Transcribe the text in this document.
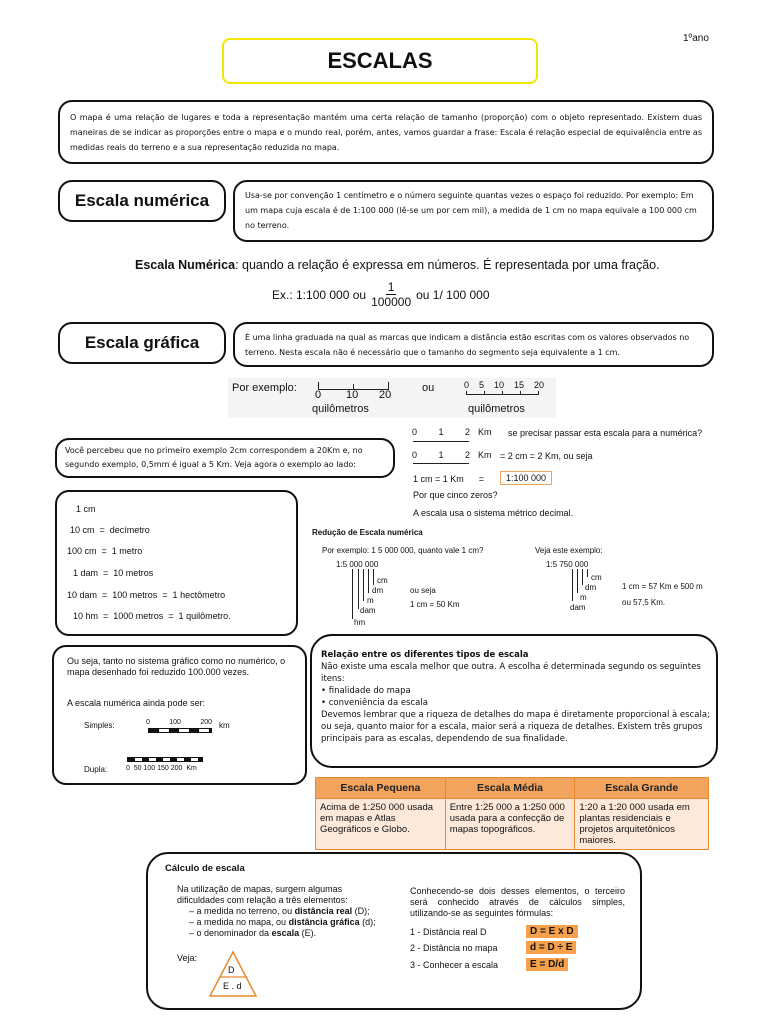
1ºano
ESCALAS
O mapa é uma relação de lugares e toda a representação mantém uma certa relação de tamanho (proporção) com o objeto representado. Existem duas maneiras de se indicar as proporções entre o mapa e o mundo real, porém, antes, vamos guardar a frase: Escala é relação especial de equivalência entre as medidas reais do terreno e a sua representação reduzida no mapa.
Escala numérica	Usa-se por convenção 1 centímetro e o número seguinte quantas vezes o espaço foi reduzido. Por exemplo: Em um mapa cuja escala é de 1:100 000 (lê-se um por cem mil), a medida de 1 cm no mapa equivale a 100 000 cm no terreno.
Escala Numérica: quando a relação é expressa em números. É representada por uma fração.
Ex.: 1:100 000 ou $\frac{1}{100000}$ ou 1/ 100 000
Escala gráfica	É uma linha graduada na qual as marcas que indicam a distância estão escritas com os valores observados no terreno. Nesta escala não é necessário que o tamanho do segmento seja equivalente a 1 cm.
Por exemplo:
0 10 20
quilômetros
ou	0 5 10 15 20
quilômetros
Você percebeu que no primeiro exemplo 2cm correspondem a 20Km e, no segundo exemplo, 0,5mm é igual a 5 Km. Veja agora o exemplo ao lado:
0 1 2 Km se precisar passar esta escala para a numérica?
0 1 2 Km = 2 cm = 2 Km, ou seja
1 cm = 1 Km      =	1:100 000
Por que cinco zeros?
A escala usa o sistema métrico decimal.
1 cm
10 cm  =  decímetro
100 cm  =  1 metro
1 dam  =  10 metros
10 dam  =  100 metros  =  1 hectômetro
10 hm  =  1000 metros  =  1 quilômetro.
Redução de Escala numérica
Por exemplo: 1 5 000 000, quanto vale 1 cm?
1:5 000 000
cm
dm
m
dam
hm
ou seja
1 cm = 50 Km
Veja este exemplo:
1:5 750 000
cm
dm
m
dam
1 cm = 57 Km e 500 m
ou 57,5 Km.
Ou seja, tanto no sistema gráfico como no numérico, o mapa desenhado foi reduzido 100.000 vezes.
A escala numérica ainda pode ser:
Simples:	0	100	200 km
Dupla:	0  50 100 150 200  Km
Relação entre os diferentes tipos de escala
Não existe uma escala melhor que outra. A escolha é determinada segundo os seguintes itens:
• finalidade do mapa
• conveniência da escala
Devemos lembrar que a riqueza de detalhes do mapa é diretamente proporcional à escala; ou seja, quanto maior for a escala, maior será a riqueza de detalhes. Existem três grupos principais para as escalas, dependendo de sua finalidade.
Escala Pequena	Escala Média	Escala Grande
Acima de 1:250 000 usada em mapas e Atlas Geográficos e Globo.	Entre 1:25 000 a 1:250 000 usada para a confecção de mapas topográficos.	1:20 a 1:20 000 usada em plantas residenciais e projetos arquitetônicos maiores.
Cálculo de escala
Na utilização de mapas, surgem algumas dificuldades com relação a três elementos:
– a medida no terreno, ou distância real (D);
– a medida no mapa, ou distância gráfica (d);
– o denominador da escala (E).
Veja:
D
E . d
Conhecendo-se dois desses elementos, o terceiro será conhecido através de cálculos simples, utilizando-se as seguintes fórmulas:
1 - Distância real D	D = E x D
2 - Distância no mapa	d = D ÷ E
3 - Conhecer a escala	E = D/d
